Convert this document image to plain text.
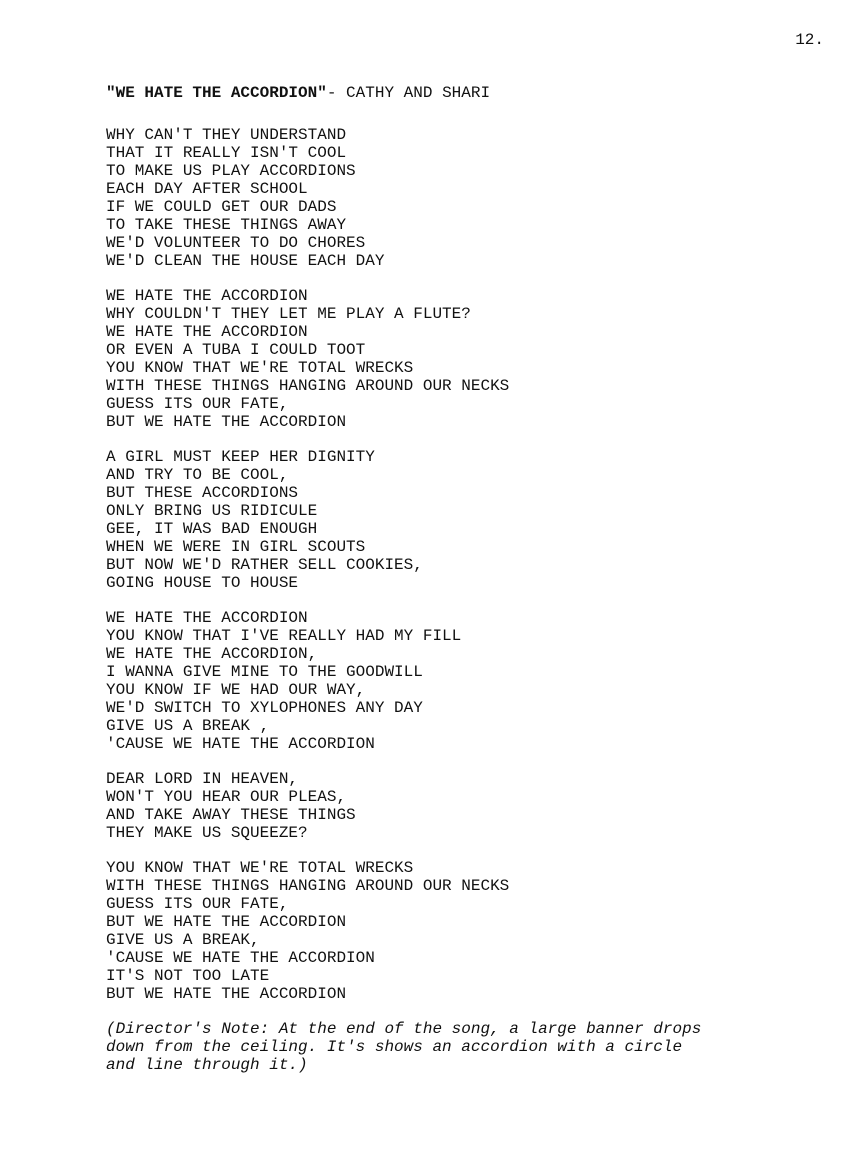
12.
"WE HATE THE ACCORDION"- CATHY AND SHARI
WHY CAN'T THEY UNDERSTAND
THAT IT REALLY ISN'T COOL
TO MAKE US PLAY ACCORDIONS
EACH DAY AFTER SCHOOL
IF WE COULD GET OUR DADS
TO TAKE THESE THINGS AWAY
WE'D VOLUNTEER TO DO CHORES
WE'D CLEAN THE HOUSE EACH DAY
WE HATE THE ACCORDION
WHY COULDN'T THEY LET ME PLAY A FLUTE?
WE HATE THE ACCORDION
OR EVEN A TUBA I COULD TOOT
YOU KNOW THAT WE'RE TOTAL WRECKS
WITH THESE THINGS HANGING AROUND OUR NECKS
GUESS ITS OUR FATE,
BUT WE HATE THE ACCORDION
A GIRL MUST KEEP HER DIGNITY
AND TRY TO BE COOL,
BUT THESE ACCORDIONS
ONLY BRING US RIDICULE
GEE, IT WAS BAD ENOUGH
WHEN WE WERE IN GIRL SCOUTS
BUT NOW WE'D RATHER SELL COOKIES,
GOING HOUSE TO HOUSE
WE HATE THE ACCORDION
YOU KNOW THAT I'VE REALLY HAD MY FILL
WE HATE THE ACCORDION,
I WANNA GIVE MINE TO THE GOODWILL
YOU KNOW IF WE HAD OUR WAY,
WE'D SWITCH TO XYLOPHONES ANY DAY
GIVE US A BREAK ,
'CAUSE WE HATE THE ACCORDION
DEAR LORD IN HEAVEN,
WON'T YOU HEAR OUR PLEAS,
AND TAKE AWAY THESE THINGS
THEY MAKE US SQUEEZE?
YOU KNOW THAT WE'RE TOTAL WRECKS
WITH THESE THINGS HANGING AROUND OUR NECKS
GUESS ITS OUR FATE,
BUT WE HATE THE ACCORDION
GIVE US A BREAK,
'CAUSE WE HATE THE ACCORDION
IT'S NOT TOO LATE
BUT WE HATE THE ACCORDION
(Director's Note: At the end of the song, a large banner drops
down from the ceiling. It's shows an accordion with a circle
and line through it.)
